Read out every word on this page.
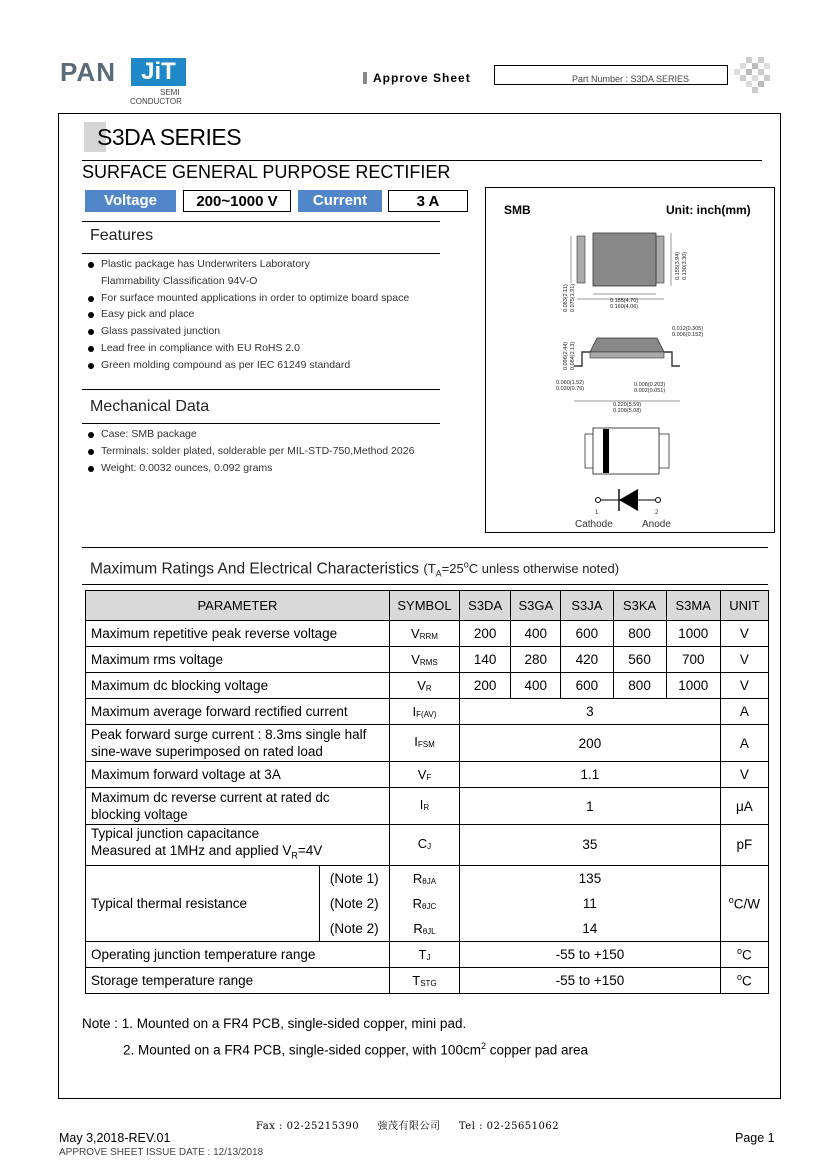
PAN	JiT
SEMI
CONDUCTOR
Approve Sheet	Part Number : S3DA SERIES
S3DA SERIES
SURFACE GENERAL PURPOSE RECTIFIER
Voltage	200~1000 V	Current	3 A
Features
Plastic package has Underwriters Laboratory
Flammability Classification 94V-O
For surface mounted applications in order to optimize board space
Easy pick and place
Glass passivated junction
Lead free in compliance with EU RoHS 2.0
Green molding compound as per IEC 61249 standard
Mechanical Data
Case: SMB package
Terminals: solder plated, solderable per MIL-STD-750,Method 2026
Weight: 0.0032 ounces, 0.092 grams
SMB	Unit: inch(mm)
0.155(3.94) 0.130(3.30)
0.083(2.11) 0.075(1.91)	0.185(4.70)
0.160(4.06)
0.012(0.305)
0.006(0.152)
0.096(2.44) 0.084(2.13)
0.060(1.52)
0.030(0.76)
0.008(0.203)
0.002(0.051)
0.220(5.59)
0.200(5.08)
1	2
Cathode	Anode
Maximum Ratings And Electrical Characteristics ($T_A=25^oC$ unless otherwise noted)
PARAMETER		SYMBOL	S3DA	S3GA	S3JA	S3KA	S3MA	UNIT
Maximum repetitive peak reverse voltage		$V_{RRM}$	200	400	600	800	1000	V
Maximum rms voltage		$V_{RMS}$	140	280	420	560	700	V
Maximum dc blocking voltage		$V_R$	200	400	600	800	1000	V
Maximum average forward rectified current		$I_{F(AV)}$	3					A
Peak forward surge current : 8.3ms single half
sine-wave superimposed on rated load		$I_{FSM}$	200					A
Maximum forward voltage at 3A		$V_F$	1.1					V
Maximum dc reverse current at rated dc
blocking voltage		$I_R$	1					μA
Typical junction capacitance
Measured at 1MHz and applied $V_R=4V$		$C_J$	35					pF
Typical thermal resistance	(Note 1)	$R_{\theta JA}$	135					$^o$C/W
	(Note 2)	$R_{\theta JC}$	11					
	(Note 2)	$R_{\theta JL}$	14					
Operating junction temperature range		$T_J$	-55 to +150					$^o$C
Storage temperature range		$T_{STG}$	-55 to +150					$^o$C
Note : 1. Mounted on a FR4 PCB, single-sided copper, mini pad.
2. Mounted on a FR4 PCB, single-sided copper, with $100cm^2$ copper pad area
Fax : 02-25215390     強茂有限公司     Tel : 02-25651062
May 3,2018-REV.01
APPROVE SHEET ISSUE DATE : 12/13/2018
Page 1
